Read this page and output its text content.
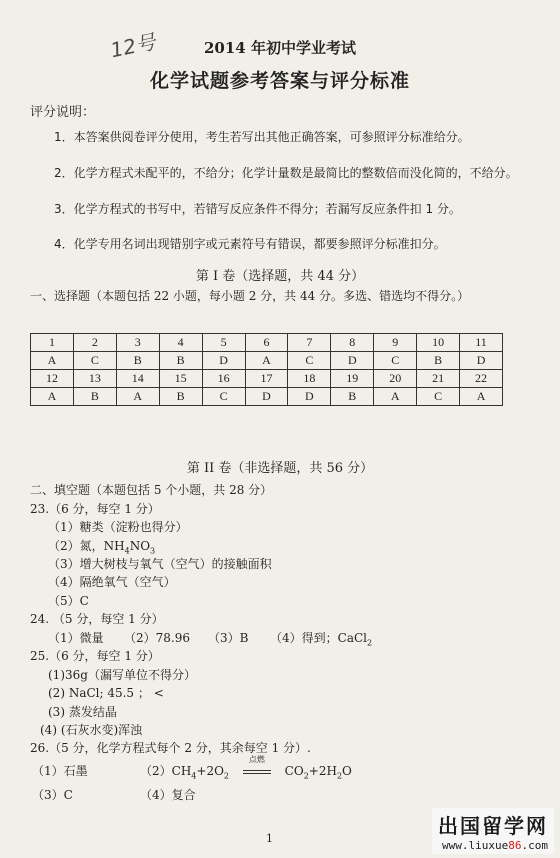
12号	2014 年初中学业考试
化学试题参考答案与评分标准
评分说明：
1．本答案供阅卷评分使用，考生若写出其他正确答案，可参照评分标准给分。
2．化学方程式未配平的，不给分；化学计量数是最简比的整数倍而没化简的，不给分。
3．化学方程式的书写中，若错写反应条件不得分；若漏写反应条件扣 1 分。
4．化学专用名词出现错别字或元素符号有错误，都要参照评分标准扣分。
第 I 卷（选择题，共 44 分）
一、选择题（本题包括 22 小题，每小题 2 分，共 44 分。多选、错选均不得分。）
1	2	3	4	5	6	7	8	9	10	11
A	C	B	B	D	A	C	D	C	B	D
12	13	14	15	16	17	18	19	20	21	22
A	B	A	B	C	D	D	B	A	C	A
第 II 卷（非选择题，共 56 分）
二、填空题（本题包括 5 个小题，共 28 分）
23.（6 分，每空 1 分）
（1）糖类（淀粉也得分）
（2）氮，$NH_4NO_3$
（3）增大树枝与氧气（空气）的接触面积
（4）隔绝氧气（空气）
（5）C
24. （5 分，每空 1 分）
（1）微量 （2）78.96 （3）B （4）得到；CaCl$_2$
25.（6 分，每空 1 分）
(1)36g（漏写单位不得分）
(2) NaCl; 45.5 ； <
(3) 蒸发结晶
(4) (石灰水变)浑浊
26.（5 分，化学方程式每个 2 分，其余每空 1 分）.
（1）石墨	$(2)CH_4+2O_2$
点燃
$CO_2+2H_2O$
（3）C	（4）复合
1
出国留学网
www.liuxue86.com
